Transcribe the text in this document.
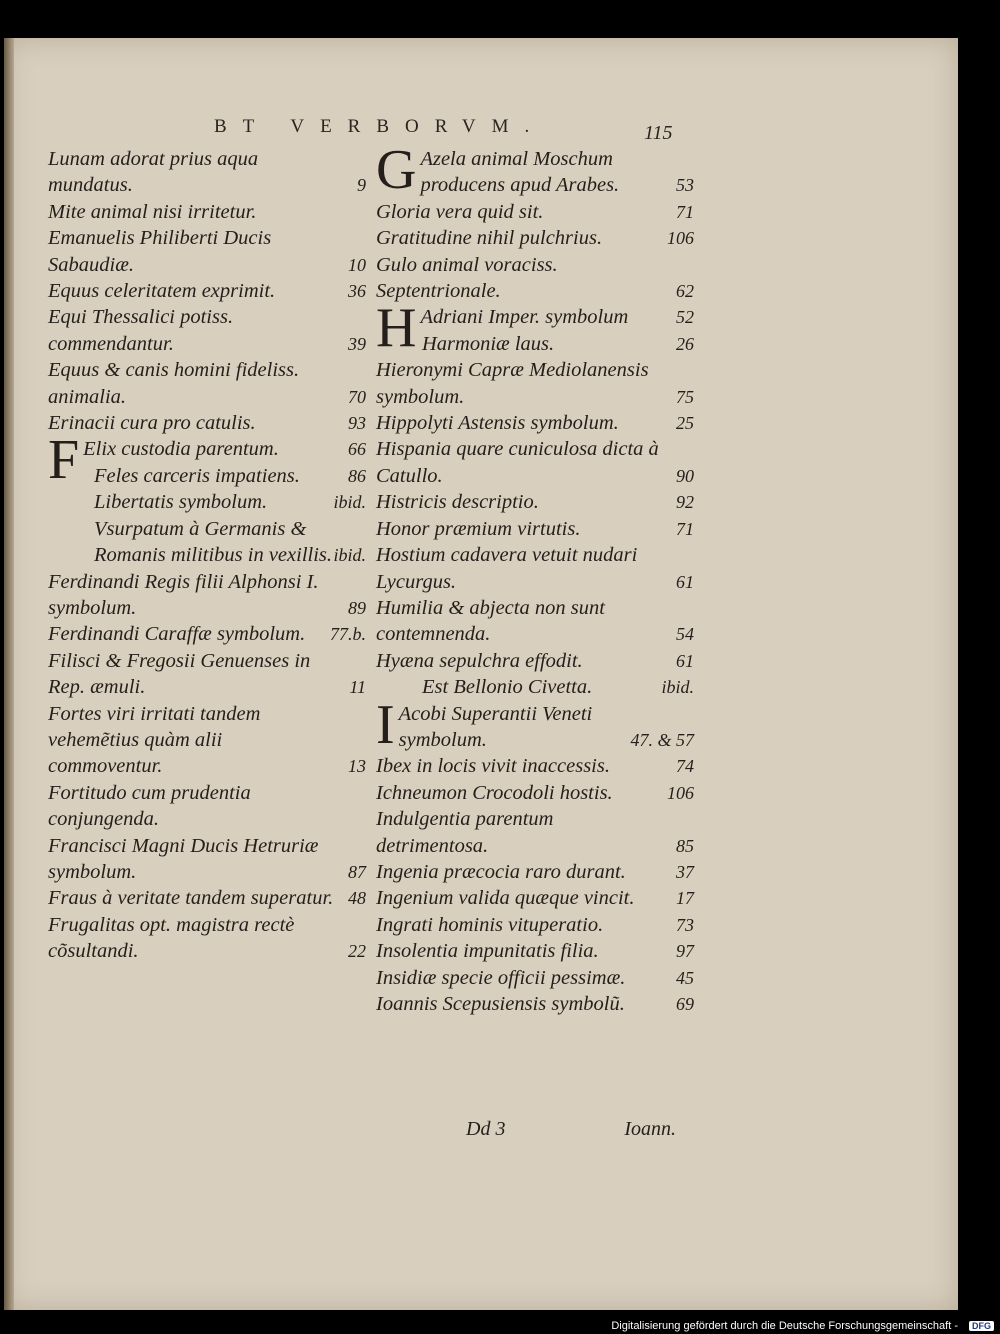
BT VERBORVM.	115
Lunam adorat prius aqua mundatus.	9
Mite animal nisi irritetur.
Emanuelis Philiberti Ducis Sabaudiæ.	10
Equus celeritatem exprimit.	36
Equi Thessalici potiss. commendantur.	39
Equus & canis homini fideliss. animalia.	70
Erinacii cura pro catulis.	93
F Elix custodia parentum.	66
Feles carceris impatiens.	86
Libertatis symbolum.	ibid.
Vsurpatum à Germanis & Romanis militibus in vexillis. ibid.
Ferdinandi Regis filii Alphonsi I. symbolum.	89
Ferdinandi Caraffæ symbolum. 77.b.
Filisci & Fregosii Genuenses in Rep. æmuli.	11
Fortes viri irritati tandem vehemẽtius quàm alii commoventur.	13
Fortitudo cum prudentia conjungenda.
Francisci Magni Ducis Hetruriæ symbolum.	87
Fraus à veritate tandem superatur. 48
Frugalitas opt. magistra rectè cõsultandi.	22
G Azela animal Moschum producens apud Arabes.	53
Gloria vera quid sit.	71
Gratitudine nihil pulchrius.	106
Gulo animal voraciss. Septentrionale.	62
H Adriani Imper. symbolum	52
Harmoniæ laus.	26
Hieronymi Capræ Mediolanensis symbolum.	75
Hippolyti Astensis symbolum.	25
Hispania quare cuniculosa dicta à Catullo.	90
Histricis descriptio.	92
Honor præmium virtutis.	71
Hostium cadavera vetuit nudari Lycurgus.	61
Humilia & abjecta non sunt contemnenda.	54
Hyæna sepulchra effodit.	61
Est Bellonio Civetta.	ibid.
I Acobi Superantii Veneti symbolum.	47. & 57
Ibex in locis vivit inaccessis.	74
Ichneumon Crocodoli hostis.	106
Indulgentia parentum detrimentosa.	85
Ingenia præcocia raro durant.	37
Ingenium valida quæque vincit. 17
Ingrati hominis vituperatio.	73
Insolentia impunitatis filia.	97
Insidiæ specie officii pessimæ.	45
Ioannis Scepusiensis symbolũ.	69
Dd 3	Ioann.
Digitalisierung gefördert durch die Deutsche Forschungsgemeinschaft -	DFG
